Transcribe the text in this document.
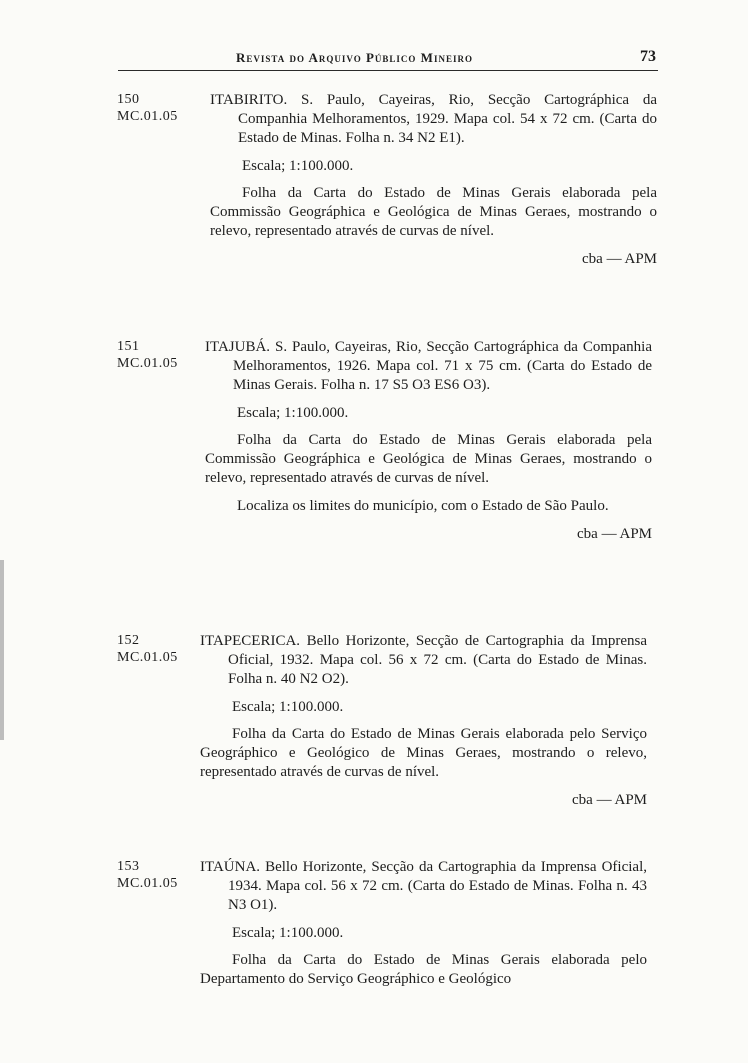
Revista do Arquivo Público Mineiro	73
150
MC.01.05

ITABIRITO. S. Paulo, Cayeiras, Rio, Secção Cartográphica da Companhia Melhoramentos, 1929. Mapa col. 54 x 72 cm. (Carta do Estado de Minas. Folha n. 34 N2 E1).

Escala; 1:100.000.

Folha da Carta do Estado de Minas Gerais elaborada pela Commissão Geográphica e Geológica de Minas Geraes, mostrando o relevo, representado através de curvas de nível.

cba — APM
151
MC.01.05

ITAJUBÁ. S. Paulo, Cayeiras, Rio, Secção Cartográphica da Companhia Melhoramentos, 1926. Mapa col. 71 x 75 cm. (Carta do Estado de Minas Gerais. Folha n. 17 S5 O3 ES6 O3).

Escala; 1:100.000.

Folha da Carta do Estado de Minas Gerais elaborada pela Commissão Geográphica e Geológica de Minas Geraes, mostrando o relevo, representado através de curvas de nível.

Localiza os limites do município, com o Estado de São Paulo.

cba — APM
152
MC.01.05

ITAPECERICA. Bello Horizonte, Secção de Cartographia da Imprensa Oficial, 1932. Mapa col. 56 x 72 cm. (Carta do Estado de Minas. Folha n. 40 N2 O2).

Escala; 1:100.000.

Folha da Carta do Estado de Minas Gerais elaborada pelo Serviço Geográphico e Geológico de Minas Geraes, mostrando o relevo, representado através de curvas de nível.

cba — APM
153
MC.01.05

ITAÚNA. Bello Horizonte, Secção da Cartographia da Imprensa Oficial, 1934. Mapa col. 56 x 72 cm. (Carta do Estado de Minas. Folha n. 43 N3 O1).

Escala; 1:100.000.

Folha da Carta do Estado de Minas Gerais elaborada pelo Departamento do Serviço Geográphico e Geológico
